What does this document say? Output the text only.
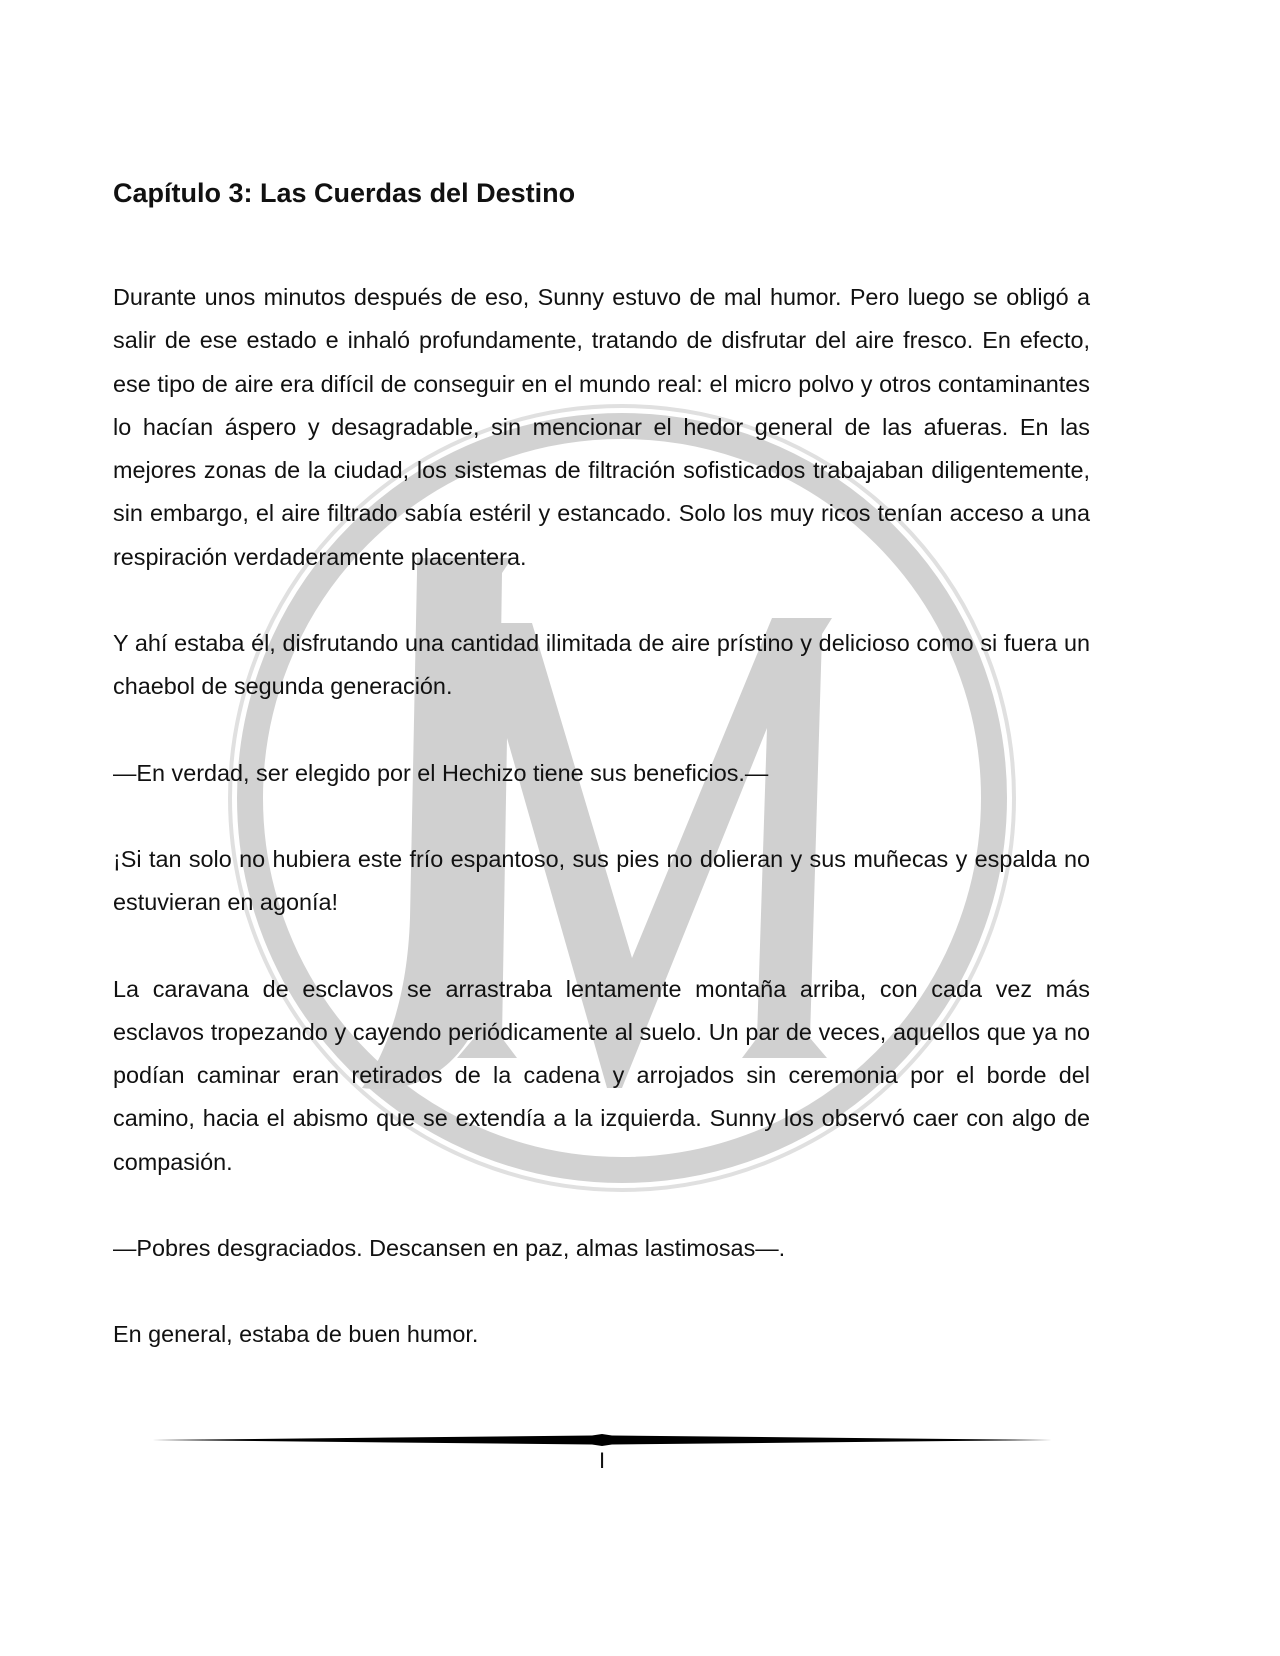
Capítulo 3: Las Cuerdas del Destino

Durante unos minutos después de eso, Sunny estuvo de mal humor. Pero luego se obligó a salir de ese estado e inhaló profundamente, tratando de disfrutar del aire fresco. En efecto, ese tipo de aire era difícil de conseguir en el mundo real: el micro polvo y otros contaminantes lo hacían áspero y desagradable, sin mencionar el hedor general de las afueras. En las mejores zonas de la ciudad, los sistemas de filtración sofisticados trabajaban diligentemente, sin embargo, el aire filtrado sabía estéril y estancado. Solo los muy ricos tenían acceso a una respiración verdaderamente placentera.

Y ahí estaba él, disfrutando una cantidad ilimitada de aire prístino y delicioso como si fuera un chaebol de segunda generación.

—En verdad, ser elegido por el Hechizo tiene sus beneficios.—

¡Si tan solo no hubiera este frío espantoso, sus pies no dolieran y sus muñecas y espalda no estuvieran en agonía!

La caravana de esclavos se arrastraba lentamente montaña arriba, con cada vez más esclavos tropezando y cayendo periódicamente al suelo. Un par de veces, aquellos que ya no podían caminar eran retirados de la cadena y arrojados sin ceremonia por el borde del camino, hacia el abismo que se extendía a la izquierda. Sunny los observó caer con algo de compasión.

—Pobres desgraciados. Descansen en paz, almas lastimosas—.

En general, estaba de buen humor.

I
